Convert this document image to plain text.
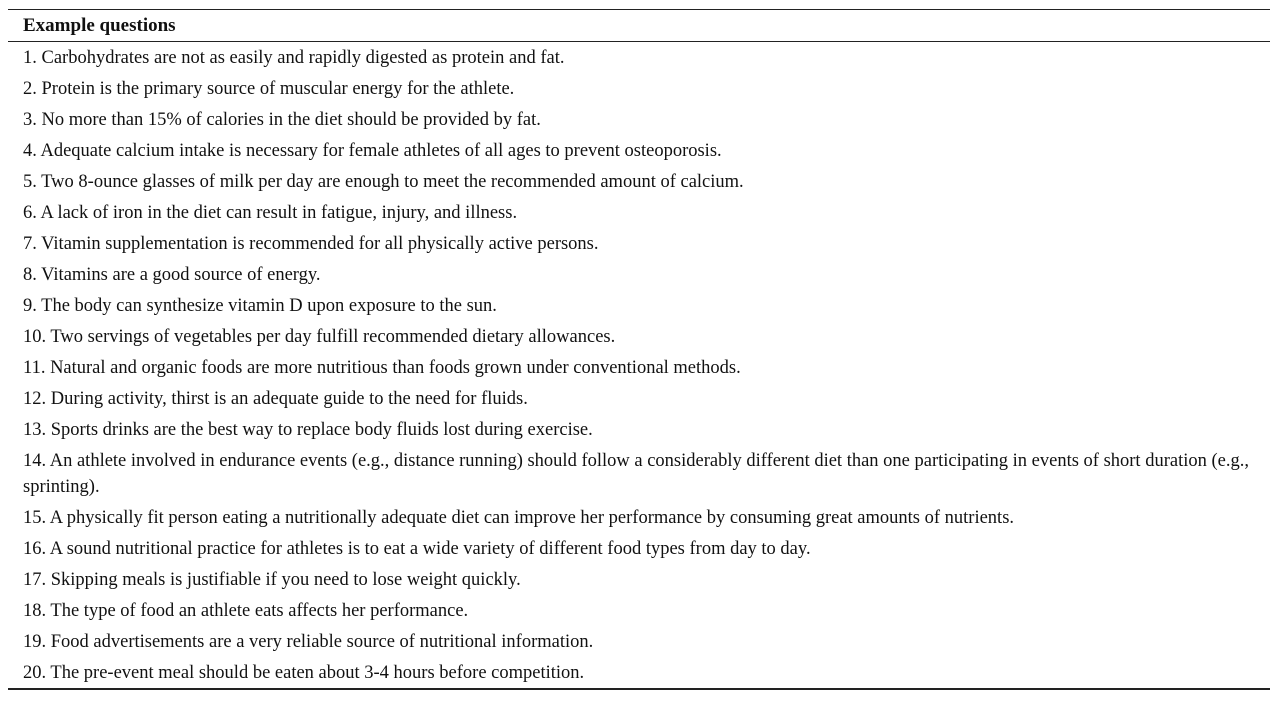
Example questions
1. Carbohydrates are not as easily and rapidly digested as protein and fat.
2. Protein is the primary source of muscular energy for the athlete.
3. No more than 15% of calories in the diet should be provided by fat.
4. Adequate calcium intake is necessary for female athletes of all ages to prevent osteoporosis.
5. Two 8-ounce glasses of milk per day are enough to meet the recommended amount of calcium.
6. A lack of iron in the diet can result in fatigue, injury, and illness.
7. Vitamin supplementation is recommended for all physically active persons.
8. Vitamins are a good source of energy.
9. The body can synthesize vitamin D upon exposure to the sun.
10. Two servings of vegetables per day fulfill recommended dietary allowances.
11. Natural and organic foods are more nutritious than foods grown under conventional methods.
12. During activity, thirst is an adequate guide to the need for fluids.
13. Sports drinks are the best way to replace body fluids lost during exercise.
14. An athlete involved in endurance events (e.g., distance running) should follow a considerably different diet than one participating in events of short duration (e.g., sprinting).
15. A physically fit person eating a nutritionally adequate diet can improve her performance by consuming great amounts of nutrients.
16. A sound nutritional practice for athletes is to eat a wide variety of different food types from day to day.
17. Skipping meals is justifiable if you need to lose weight quickly.
18. The type of food an athlete eats affects her performance.
19. Food advertisements are a very reliable source of nutritional information.
20. The pre-event meal should be eaten about 3-4 hours before competition.
